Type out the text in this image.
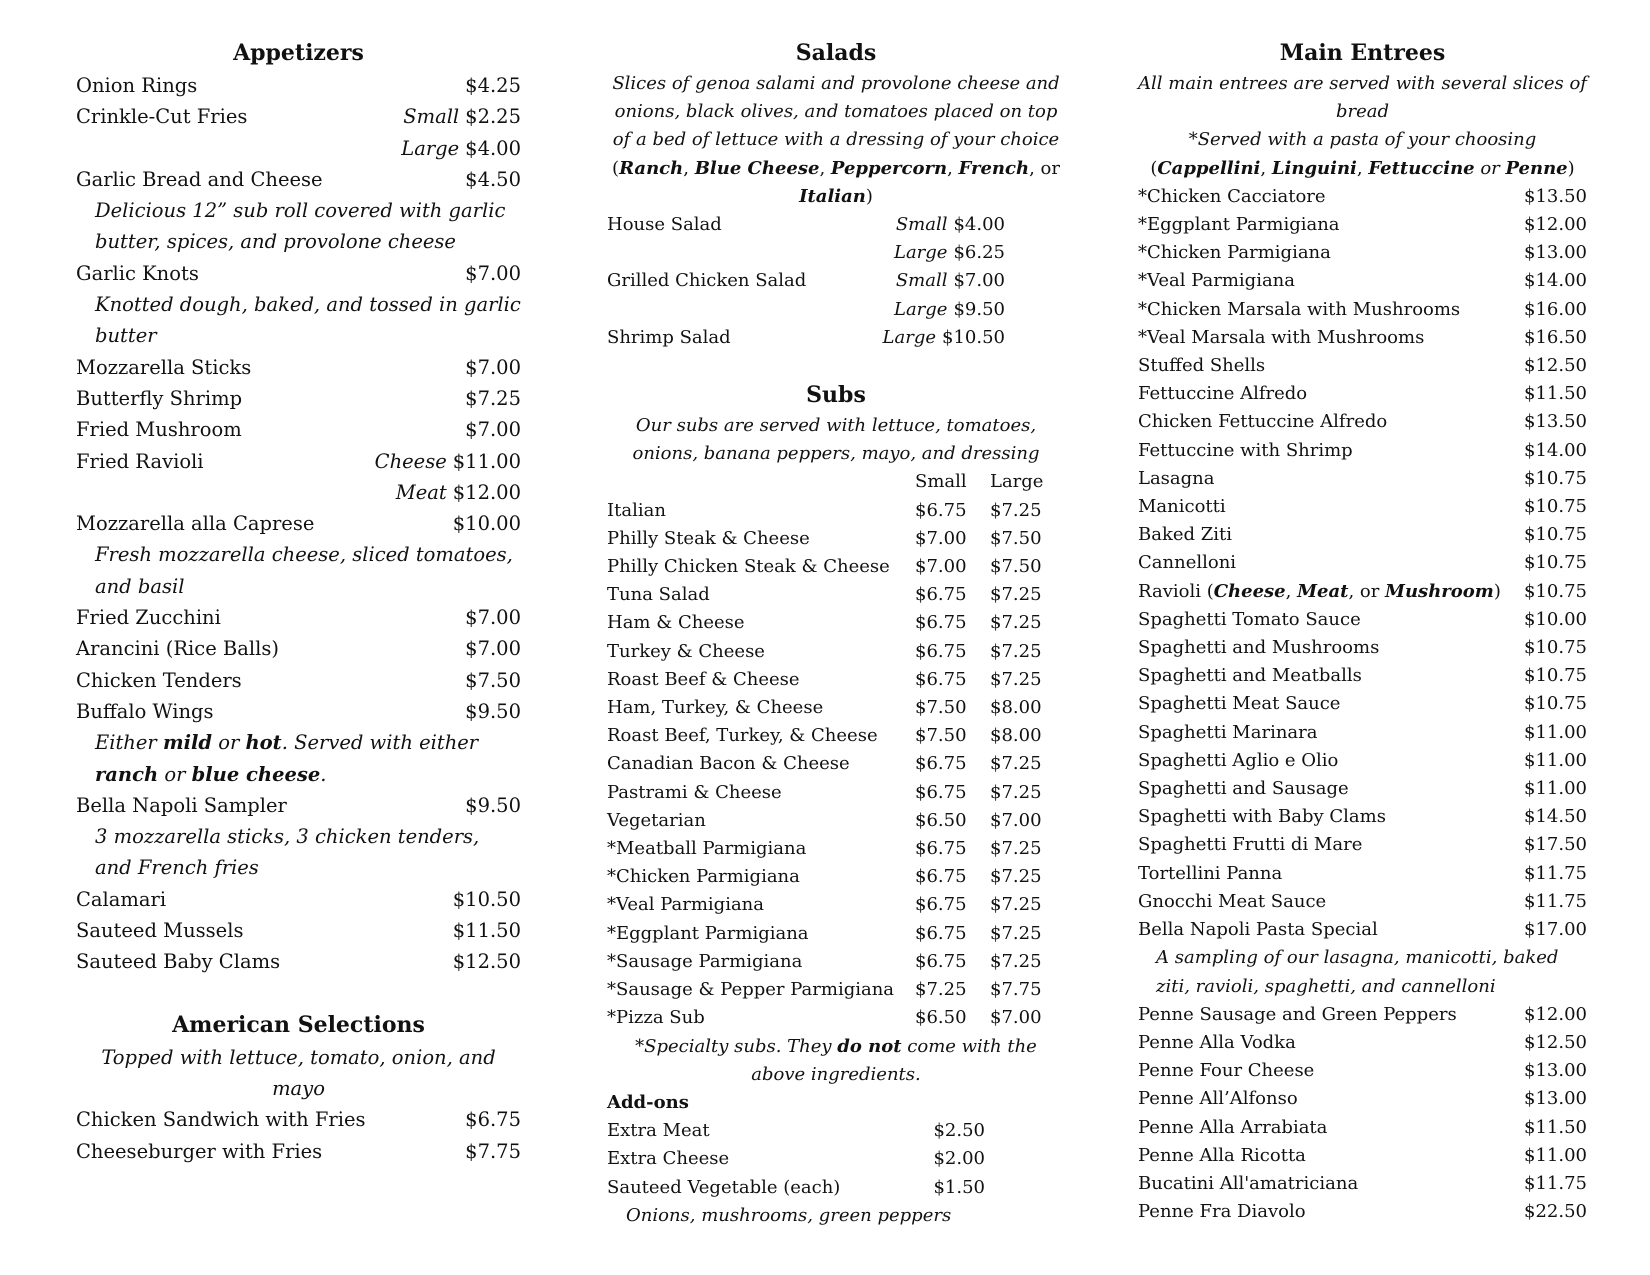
Appetizers
Onion Rings	$4.25
Crinkle-Cut Fries	Small $2.25
Large $4.00
Garlic Bread and Cheese	$4.50
Delicious 12” sub roll covered with garlic butter, spices, and provolone cheese
Garlic Knots	$7.00
Knotted dough, baked, and tossed in garlic butter
Mozzarella Sticks	$7.00
Butterfly Shrimp	$7.25
Fried Mushroom	$7.00
Fried Ravioli	Cheese $11.00
Meat $12.00
Mozzarella alla Caprese	$10.00
Fresh mozzarella cheese, sliced tomatoes, and basil
Fried Zucchini	$7.00
Arancini (Rice Balls)	$7.00
Chicken Tenders	$7.50
Buffalo Wings	$9.50
Either mild or hot. Served with either ranch or blue cheese.
Bella Napoli Sampler	$9.50
3 mozzarella sticks, 3 chicken tenders, and French fries
Calamari	$10.50
Sauteed Mussels	$11.50
Sauteed Baby Clams	$12.50
American Selections
Topped with lettuce, tomato, onion, and mayo
Chicken Sandwich with Fries	$6.75
Cheeseburger with Fries	$7.75
Salads
Slices of genoa salami and provolone cheese and onions, black olives, and tomatoes placed on top of a bed of lettuce with a dressing of your choice (Ranch, Blue Cheese, Peppercorn, French, or Italian)
House Salad	Small $4.00
Large $6.25
Grilled Chicken Salad	Small $7.00
Large $9.50
Shrimp Salad	Large $10.50
Subs
Our subs are served with lettuce, tomatoes, onions, banana peppers, mayo, and dressing
Small	Large
Italian	$6.75	$7.25
Philly Steak & Cheese	$7.00	$7.50
Philly Chicken Steak & Cheese	$7.00	$7.50
Tuna Salad	$6.75	$7.25
Ham & Cheese	$6.75	$7.25
Turkey & Cheese	$6.75	$7.25
Roast Beef & Cheese	$6.75	$7.25
Ham, Turkey, & Cheese	$7.50	$8.00
Roast Beef, Turkey, & Cheese	$7.50	$8.00
Canadian Bacon & Cheese	$6.75	$7.25
Pastrami & Cheese	$6.75	$7.25
Vegetarian	$6.50	$7.00
*Meatball Parmigiana	$6.75	$7.25
*Chicken Parmigiana	$6.75	$7.25
*Veal Parmigiana	$6.75	$7.25
*Eggplant Parmigiana	$6.75	$7.25
*Sausage Parmigiana	$6.75	$7.25
*Sausage & Pepper Parmigiana	$7.25	$7.75
*Pizza Sub	$6.50	$7.00
*Specialty subs. They do not come with the above ingredients.
Add-ons
Extra Meat	$2.50
Extra Cheese	$2.00
Sauteed Vegetable (each)	$1.50
Onions, mushrooms, green peppers
Main Entrees
All main entrees are served with several slices of bread
*Served with a pasta of your choosing
(Cappellini, Linguini, Fettuccine or Penne)
*Chicken Cacciatore	$13.50
*Eggplant Parmigiana	$12.00
*Chicken Parmigiana	$13.00
*Veal Parmigiana	$14.00
*Chicken Marsala with Mushrooms	$16.00
*Veal Marsala with Mushrooms	$16.50
Stuffed Shells	$12.50
Fettuccine Alfredo	$11.50
Chicken Fettuccine Alfredo	$13.50
Fettuccine with Shrimp	$14.00
Lasagna	$10.75
Manicotti	$10.75
Baked Ziti	$10.75
Cannelloni	$10.75
Ravioli (Cheese, Meat, or Mushroom)	$10.75
Spaghetti Tomato Sauce	$10.00
Spaghetti and Mushrooms	$10.75
Spaghetti and Meatballs	$10.75
Spaghetti Meat Sauce	$10.75
Spaghetti Marinara	$11.00
Spaghetti Aglio e Olio	$11.00
Spaghetti and Sausage	$11.00
Spaghetti with Baby Clams	$14.50
Spaghetti Frutti di Mare	$17.50
Tortellini Panna	$11.75
Gnocchi Meat Sauce	$11.75
Bella Napoli Pasta Special	$17.00
A sampling of our lasagna, manicotti, baked ziti, ravioli, spaghetti, and cannelloni
Penne Sausage and Green Peppers	$12.00
Penne Alla Vodka	$12.50
Penne Four Cheese	$13.00
Penne All’Alfonso	$13.00
Penne Alla Arrabiata	$11.50
Penne Alla Ricotta	$11.00
Bucatini All'amatriciana	$11.75
Penne Fra Diavolo	$22.50
